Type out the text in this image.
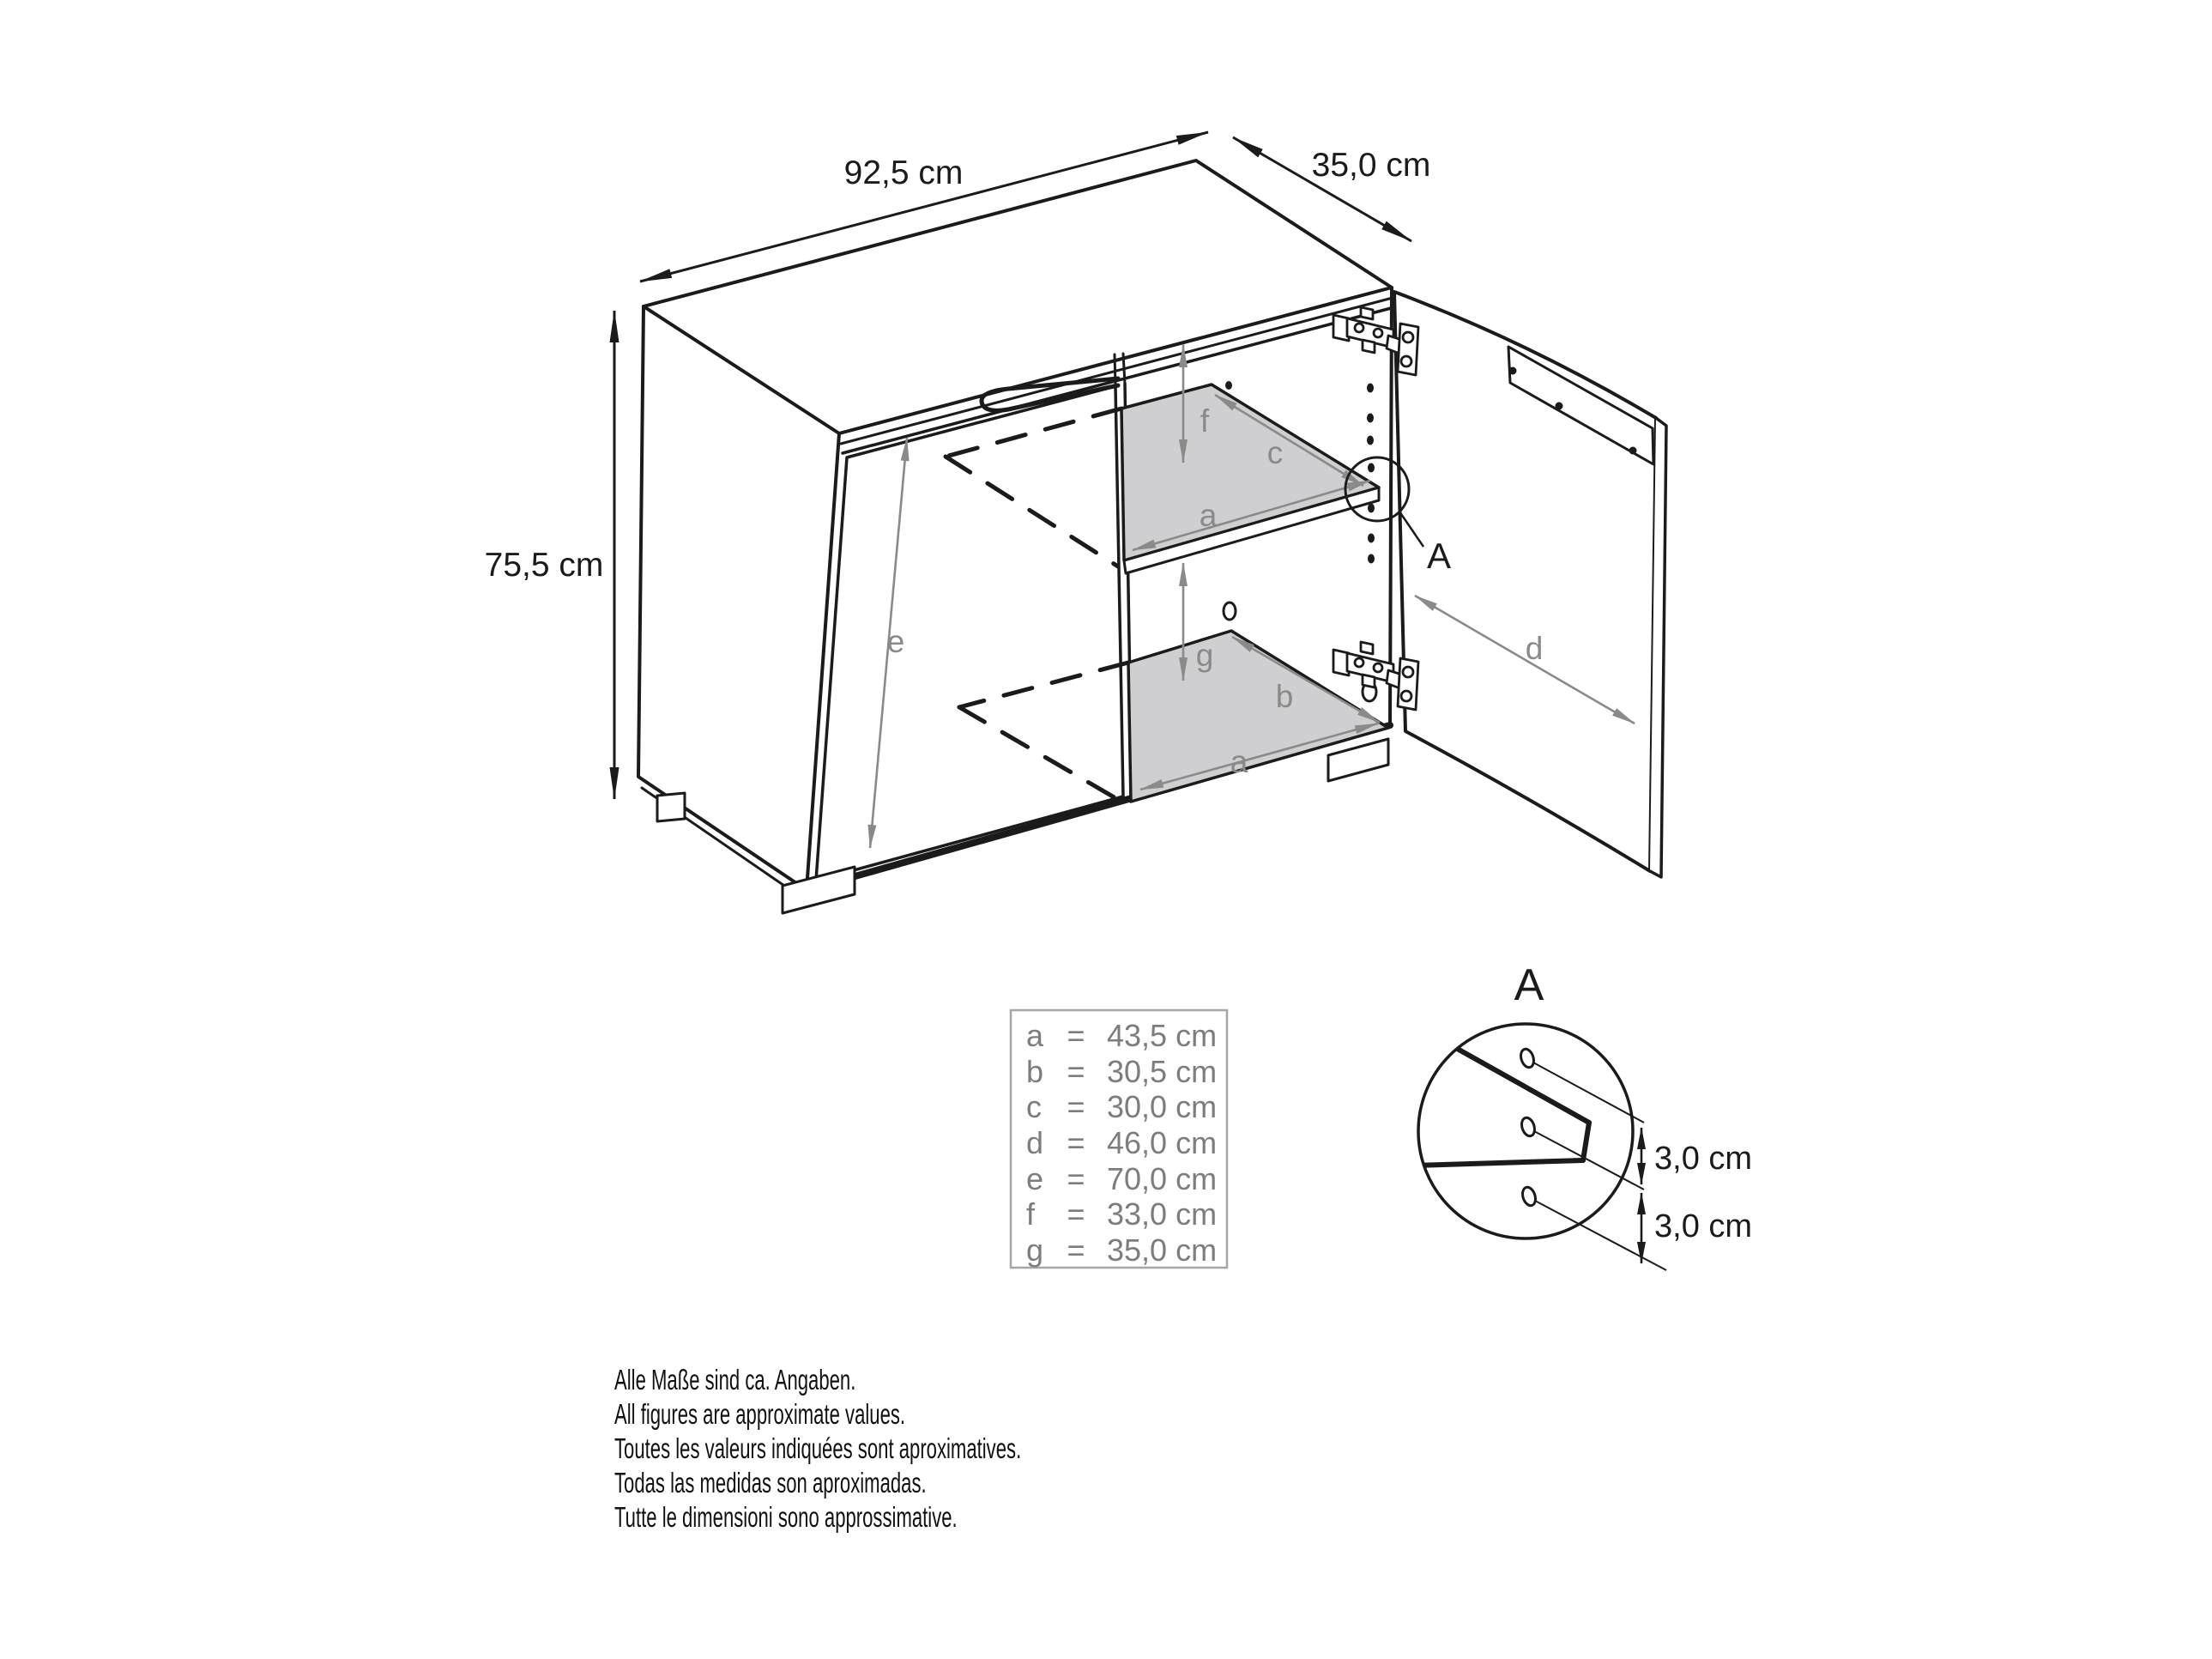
92,5 cm	35,0 cm
75,5 cm
e
f
g
a
c
b
a
d
A
a = 43,5 cm
b = 30,5 cm
c = 30,0 cm
d = 46,0 cm
e = 70,0 cm
f = 33,0 cm
g = 35,0 cm
A
3,0 cm
3,0 cm
Alle Maße sind ca. Angaben.
All figures are approximate values.
Toutes les valeurs indiquées sont aproximatives.
Todas las medidas son aproximadas.
Tutte le dimensioni sono approssimative.
